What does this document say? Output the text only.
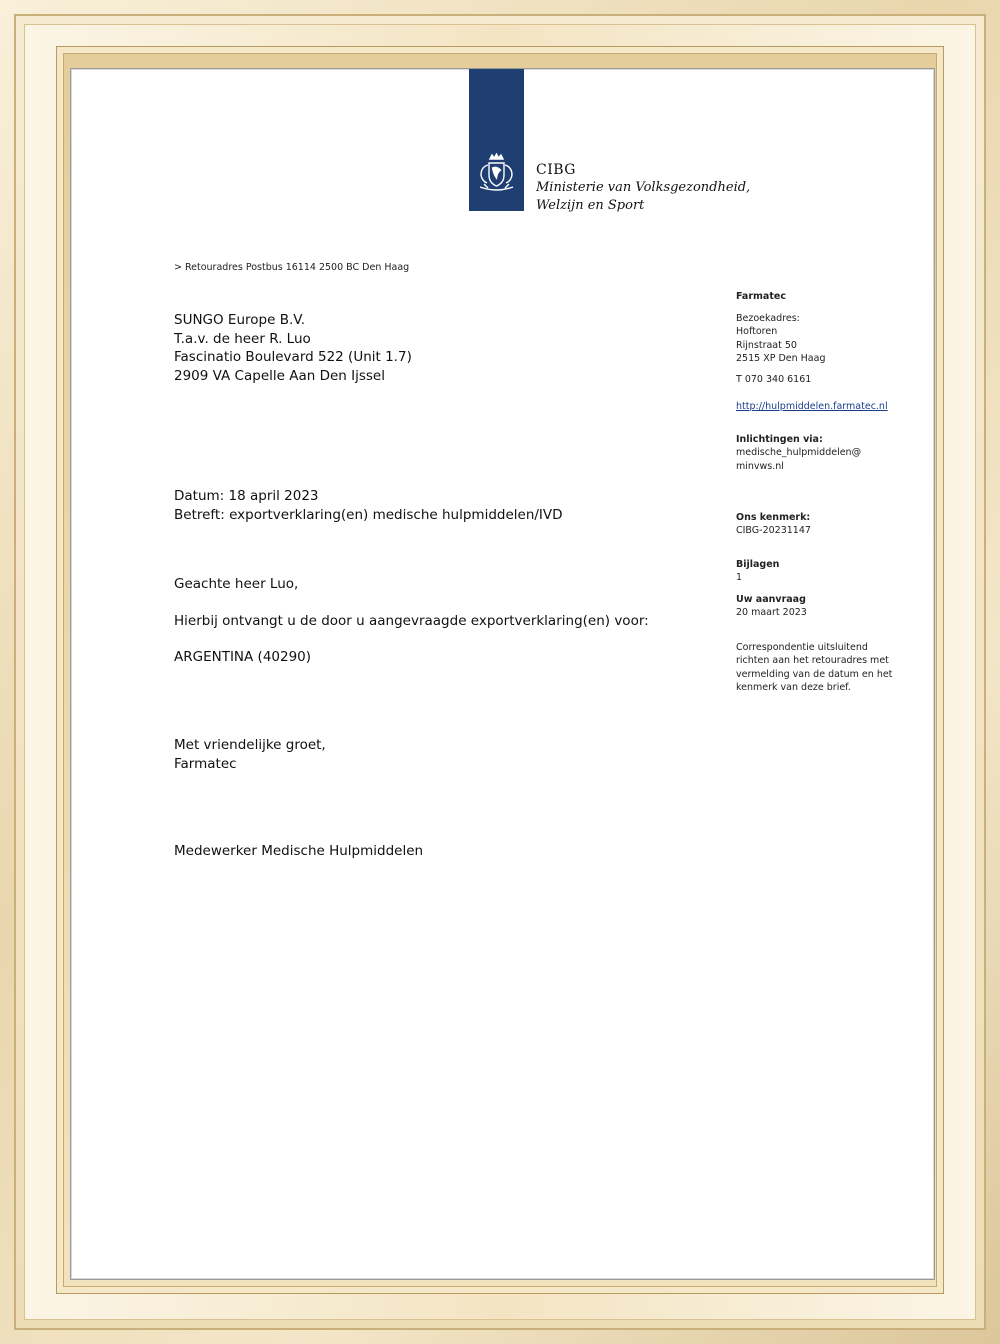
CIBG
Ministerie van Volksgezondheid,
Welzijn en Sport
> Retouradres Postbus 16114 2500 BC Den Haag
SUNGO Europe B.V.
T.a.v. de heer R. Luo
Fascinatio Boulevard 522 (Unit 1.7)
2909 VA Capelle Aan Den Ijssel
Datum: 18 april 2023
Betreft: exportverklaring(en) medische hulpmiddelen/IVD
Geachte heer Luo,
Hierbij ontvangt u de door u aangevraagde exportverklaring(en) voor:
ARGENTINA (40290)
Met vriendelijke groet,
Farmatec
Medewerker Medische Hulpmiddelen
Farmatec
Bezoekadres:
Hoftoren
Rijnstraat 50
2515 XP Den Haag
T 070 340 6161
http://hulpmiddelen.farmatec.nl
Inlichtingen via:
medische_hulpmiddelen@
minvws.nl
Ons kenmerk:
CIBG-20231147
Bijlagen
1
Uw aanvraag
20 maart 2023
Correspondentie uitsluitend
richten aan het retouradres met
vermelding van de datum en het
kenmerk van deze brief.
